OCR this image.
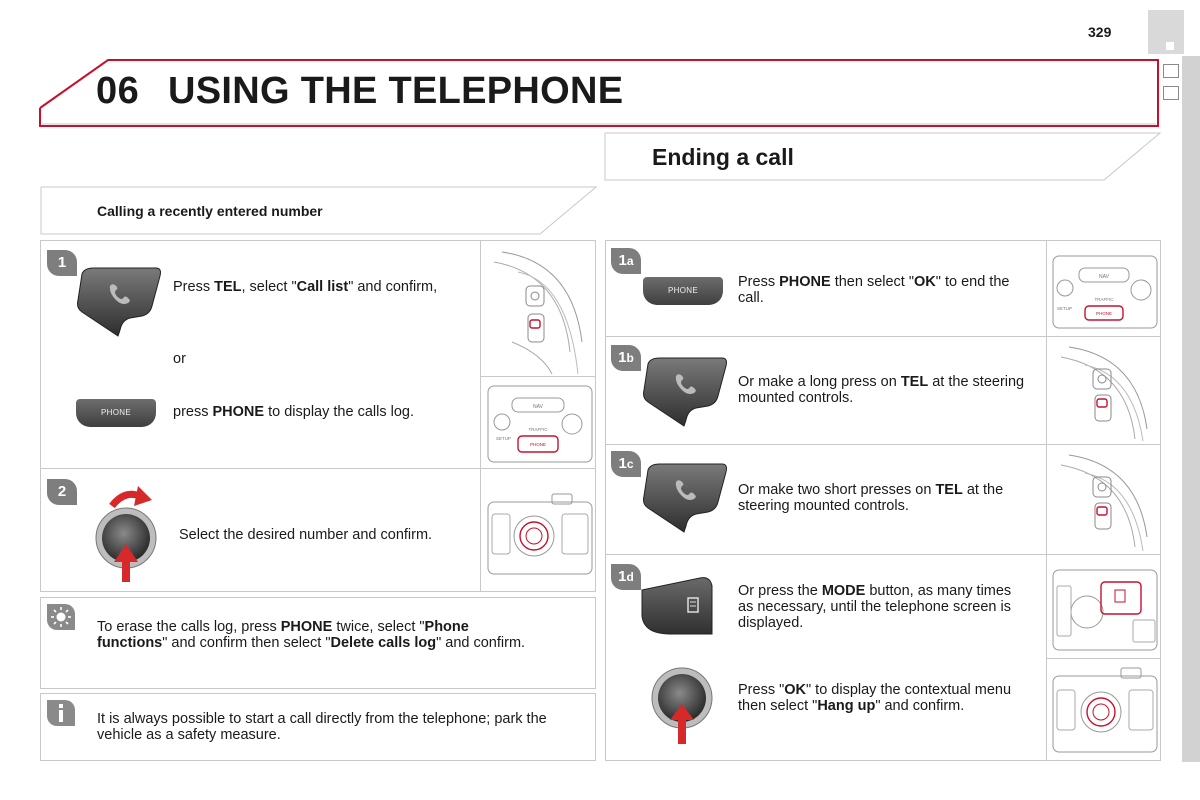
329
06 USING THE TELEPHONE
Ending a call
Calling a recently entered number
1
Press TEL, select "Call list" and confirm,
or
PHONE	press PHONE to display the calls log.	NAV
TRAFFIC
SETUP
PHONE
2
Select the desired number and confirm.
To erase the calls log, press PHONE twice, select "Phone functions" and confirm then select "Delete calls log" and confirm.
It is always possible to start a call directly from the telephone; park the vehicle as a safety measure.
1a
PHONE
Press PHONE then select "OK" to end the call.
NAV
TRAFFIC
SETUP
PHONE
1b
Or make a long press on TEL at the steering mounted controls.
1c
Or make two short presses on TEL at the steering mounted controls.
1d
Or press the MODE button, as many times as necessary, until the telephone screen is displayed.
Press "OK" to display the contextual menu then select "Hang up" and confirm.
